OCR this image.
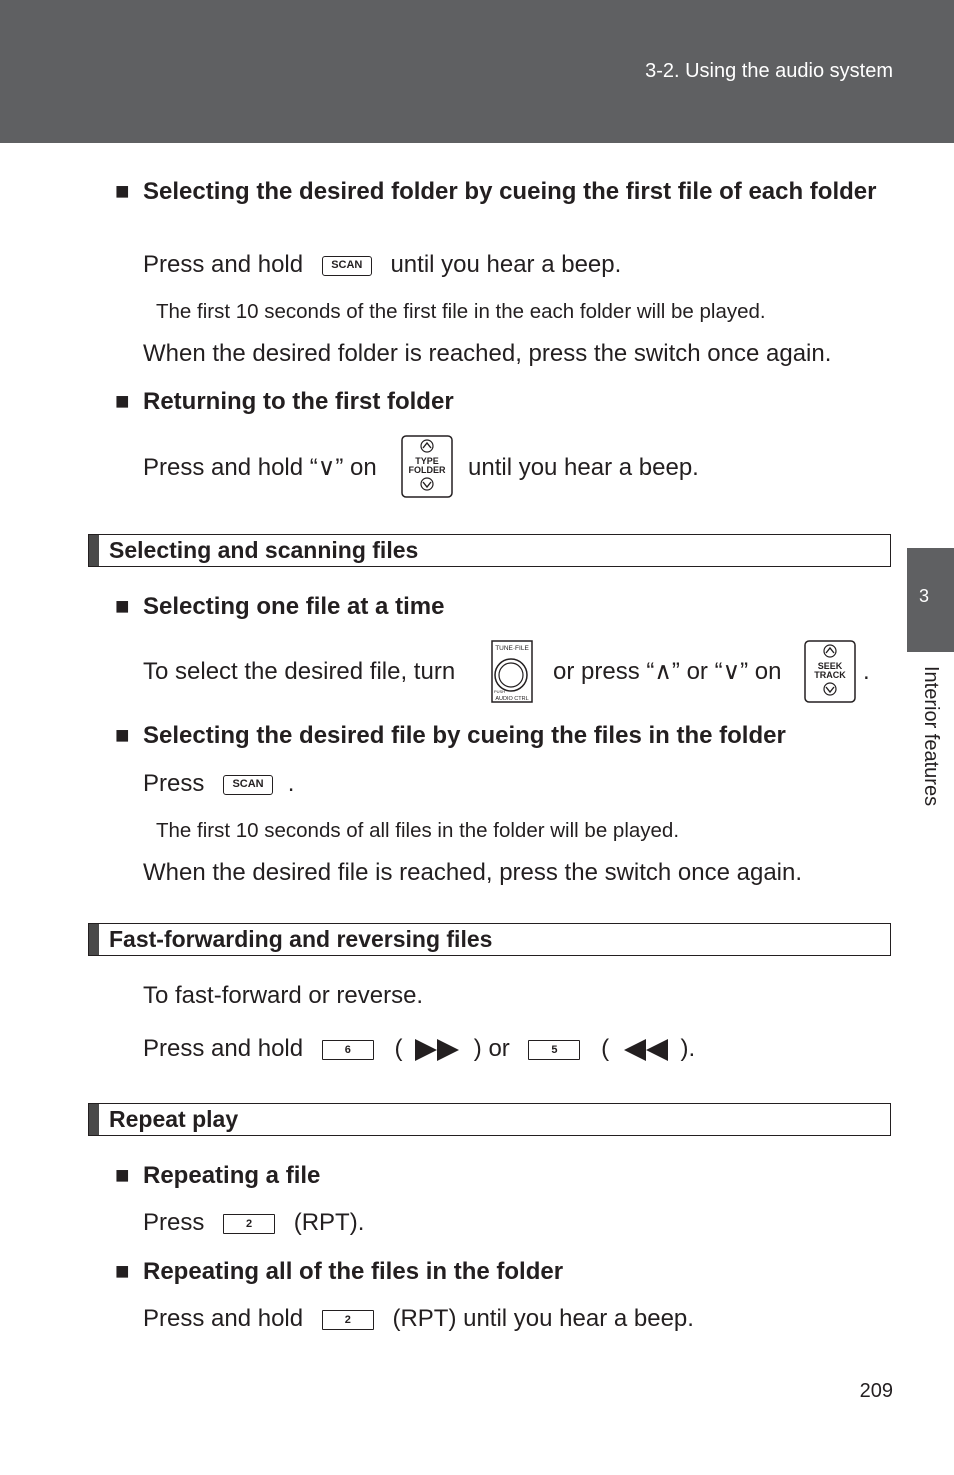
3-2. Using the audio system
3
Interior features
■ Selecting the desired folder by cueing the first file of each folder
Press and hold	SCAN until you hear a beep.
The first 10 seconds of the first file in the each folder will be played.
When the desired folder is reached, press the switch once again.
■ Returning to the first folder
Press and hold “∨” on	TYPE
FOLDER until you hear a beep.
Selecting and scanning files
■ Selecting one file at a time
To select the desired file, turn
TUNE·FILE
PUSH
AUDIO CTRL
or press “∧” or “∨” on	SEEK
TRACK .
■ Selecting the desired file by cueing the files in the folder
Press	SCAN .
The first 10 seconds of all files in the folder will be played.
When the desired file is reached, press the switch once again.
Fast-forwarding and reversing files
To fast-forward or reverse.
Press and hold	6 (	) or	5 (	).
Repeat play
■ Repeating a file
Press	2 (RPT).
■ Repeating all of the files in the folder
Press and hold	2 (RPT) until you hear a beep.
209
